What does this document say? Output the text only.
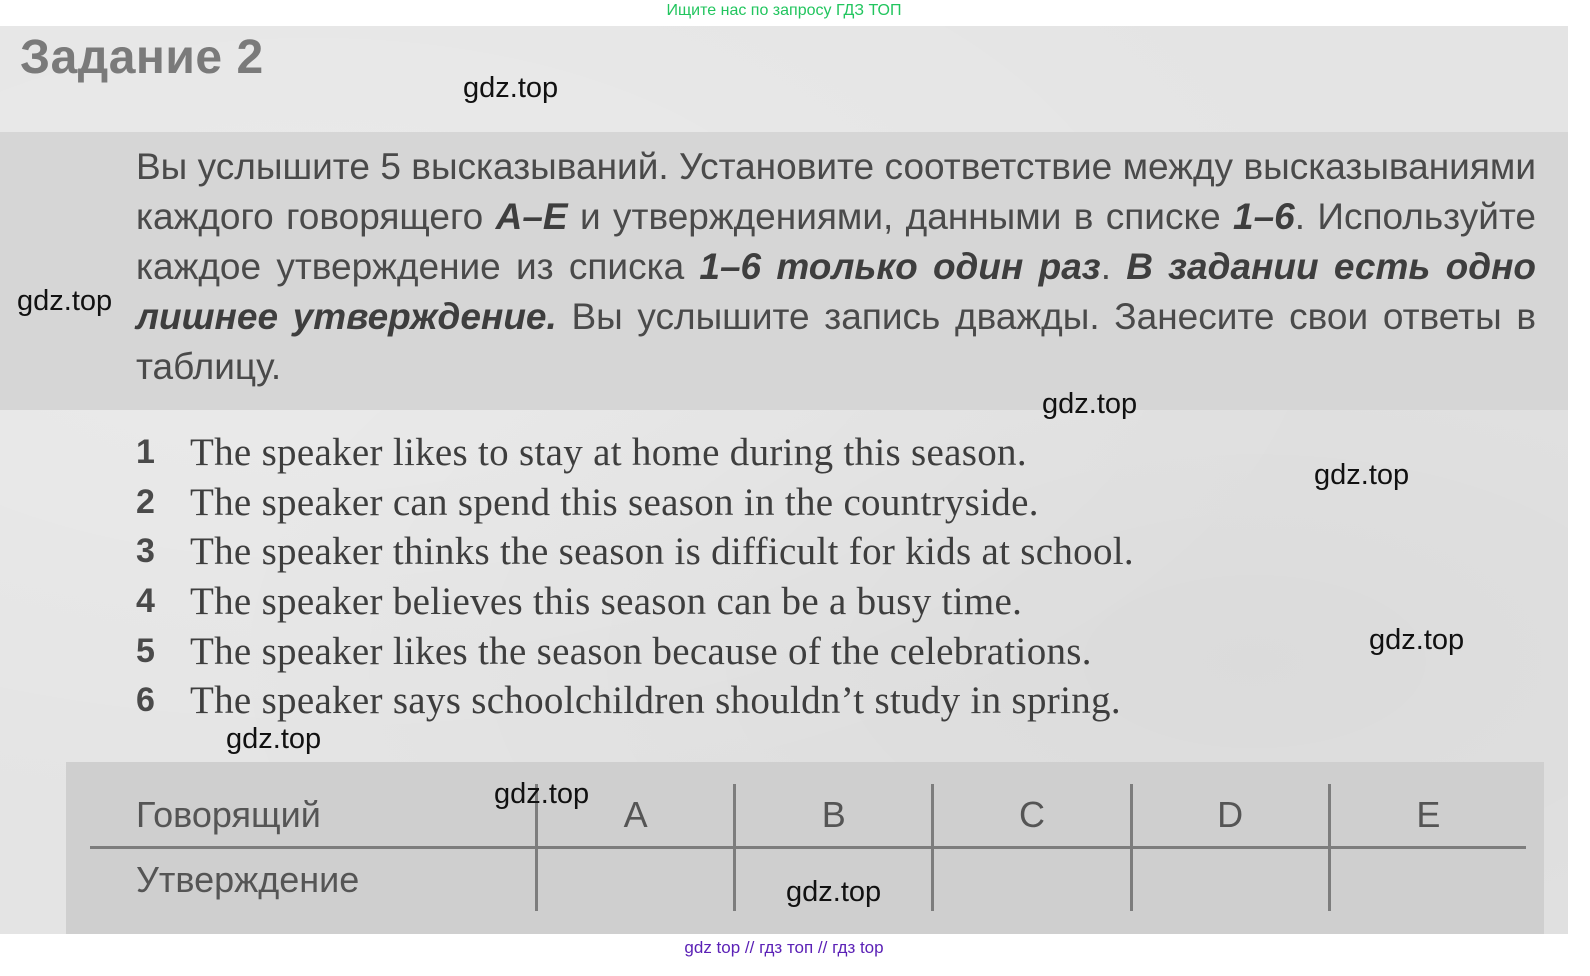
Ищите нас по запросу ГДЗ ТОП
Задание 2
Вы услышите 5 высказываний. Установите соответствие между высказываниями каждого говорящего A–E и утверждениями, данными в списке 1–6. Используйте каждое утверждение из списка 1–6 только один раз. В задании есть одно лишнее утверждение. Вы услышите запись дважды. Занесите свои ответы в таблицу.
1 The speaker likes to stay at home during this season.
2 The speaker can spend this season in the countryside.
3 The speaker thinks the season is difficult for kids at school.
4 The speaker believes this season can be a busy time.
5 The speaker likes the season because of the celebrations.
6 The speaker says schoolchildren shouldn’t study in spring.
Говорящий	A	B	C	D	E
Утверждение					
gdz.top
gdz.top
gdz.top
gdz.top
gdz.top
gdz.top
gdz.top
gdz.top
gdz top // гдз топ // гдз top
